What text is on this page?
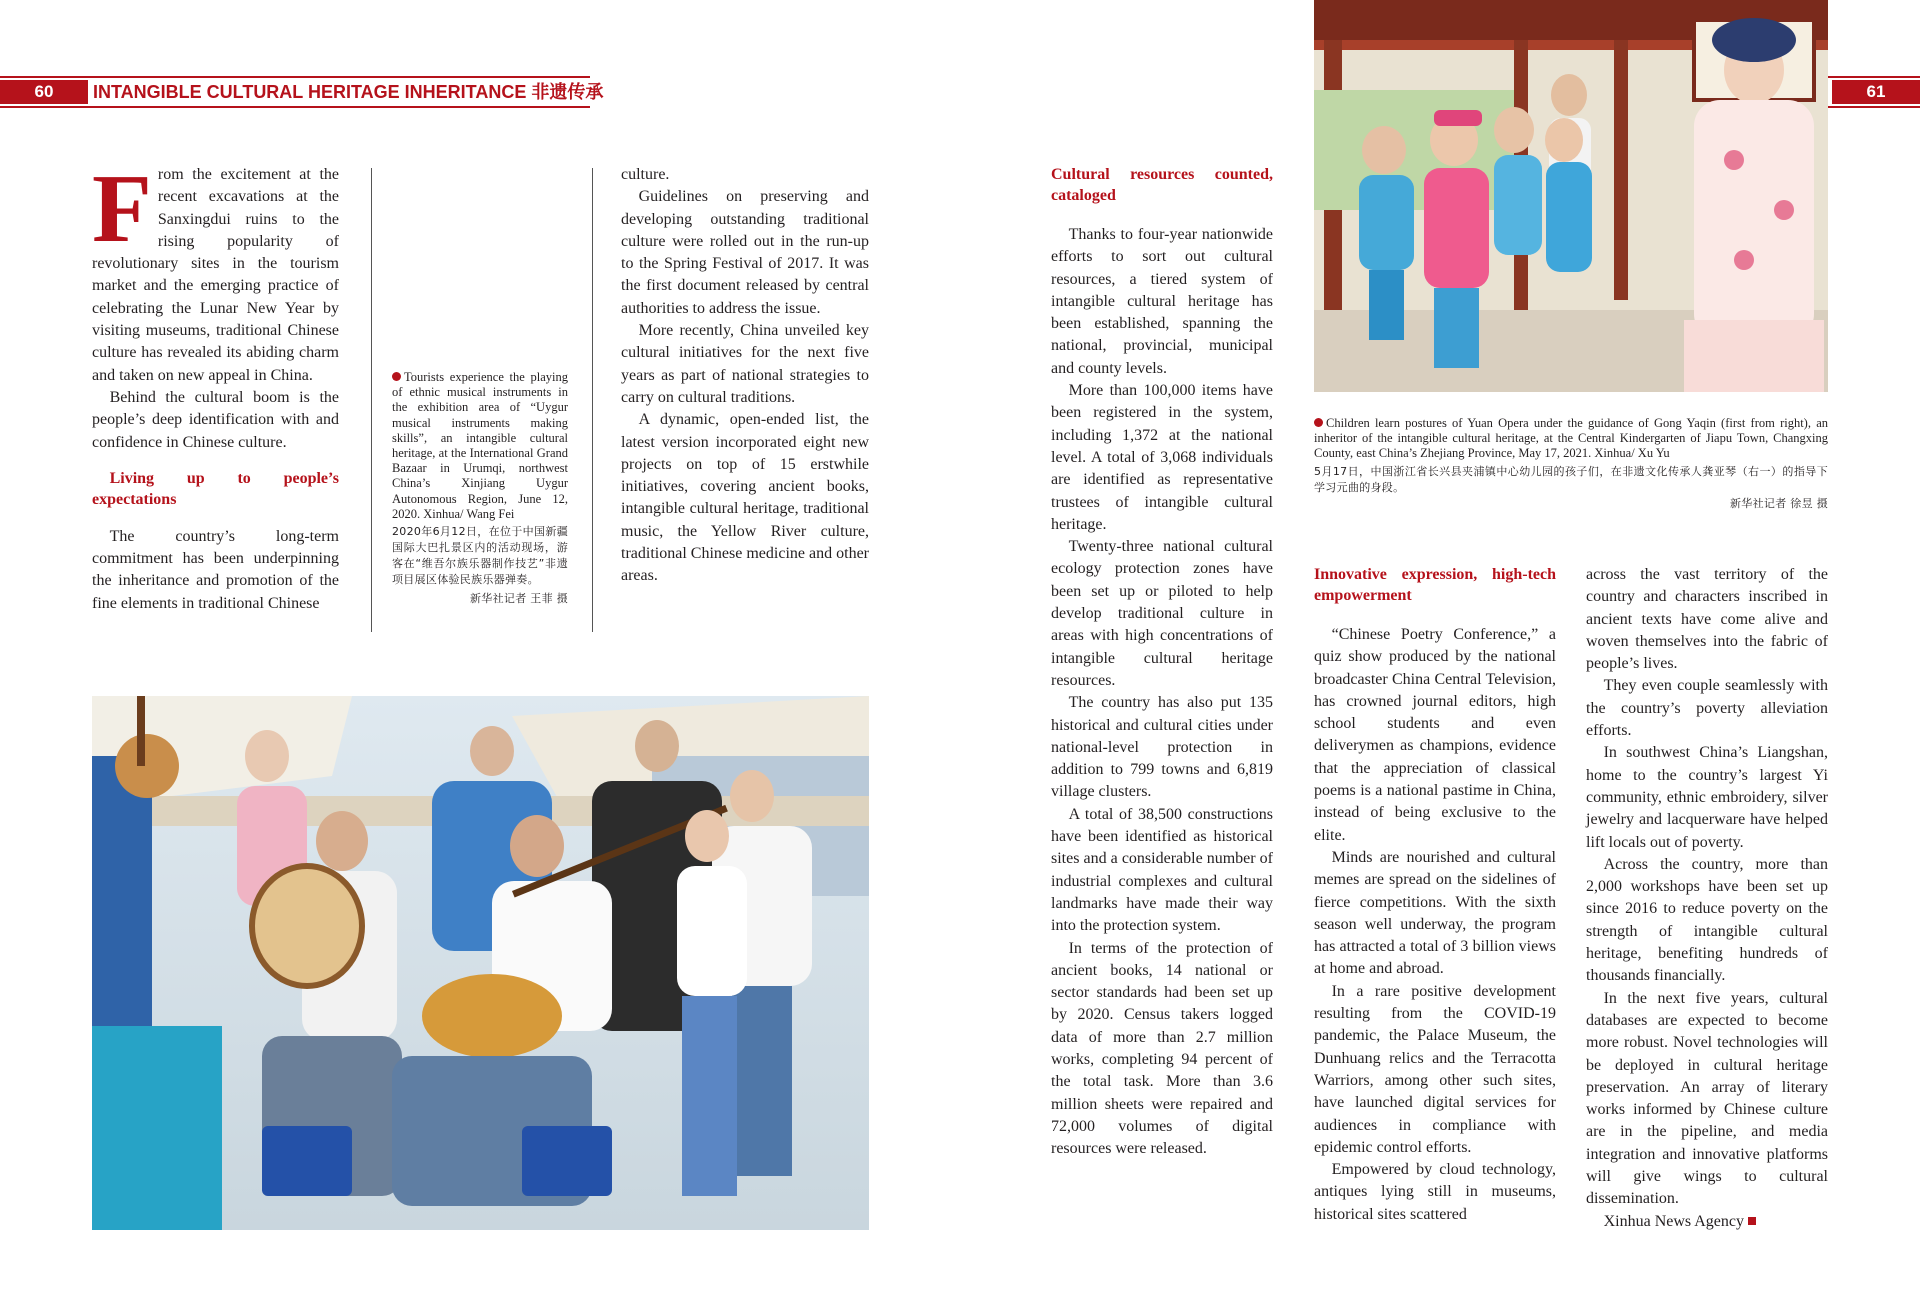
60	INTANGIBLE CULTURAL HERITAGE INHERITANCE 非遗传承

From the excitement at the recent excavations at the Sanxingdui ruins to the rising popularity of revolutionary sites in the tourism market and the emerging practice of celebrating the Lunar New Year by visiting museums, traditional Chinese culture has revealed its abiding charm and taken on new appeal in China.

Behind the cultural boom is the people’s deep identification with and confidence in Chinese culture.

Living up to people’s expectations

The country’s long-term commitment has been underpinning the inheritance and promotion of the fine elements in traditional Chinese

Tourists experience the playing of ethnic musical instruments in the exhibition area of “Uygur musical instruments making skills”, an intangible cultural heritage, at the International Grand Bazaar in Urumqi, northwest China’s Xinjiang Uygur Autonomous Region, June 12, 2020. Xinhua/ Wang Fei
2020年6月12日，在位于中国新疆国际大巴扎景区内的活动现场，游客在“维吾尔族乐器制作技艺”非遗项目展区体验民族乐器弹奏。
新华社记者 王菲 摄

culture.

Guidelines on preserving and developing outstanding traditional culture were rolled out in the run-up to the Spring Festival of 2017. It was the first document released by central authorities to address the issue.

More recently, China unveiled key cultural initiatives for the next five years as part of national strategies to carry on cultural traditions.

A dynamic, open-ended list, the latest version incorporated eight new projects on top of 15 erstwhile initiatives, covering ancient books, intangible cultural heritage, traditional music, the Yellow River culture, traditional Chinese medicine and other areas.

61
Children learn postures of Yuan Opera under the guidance of Gong Yaqin (first from right), an inheritor of the intangible cultural heritage, at the Central Kindergarten of Jiapu Town, Changxing County, east China’s Zhejiang Province, May 17, 2021. Xinhua/ Xu Yu
5月17日，中国浙江省长兴县夹浦镇中心幼儿园的孩子们，在非遗文化传承人龚亚琴（右一）的指导下学习元曲的身段。
新华社记者 徐昱 摄

Cultural resources counted, cataloged

Thanks to four-year nationwide efforts to sort out cultural resources, a tiered system of intangible cultural heritage has been established, spanning the national, provincial, municipal and county levels.

More than 100,000 items have been registered in the system, including 1,372 at the national level. A total of 3,068 individuals are identified as representative trustees of intangible cultural heritage.

Twenty-three national cultural ecology protection zones have been set up or piloted to help develop traditional culture in areas with high concentrations of intangible cultural heritage resources.

The country has also put 135 historical and cultural cities under national-level protection in addition to 799 towns and 6,819 village clusters.

A total of 38,500 constructions have been identified as historical sites and a considerable number of industrial complexes and cultural landmarks have made their way into the protection system.

In terms of the protection of ancient books, 14 national or sector standards had been set up by 2020. Census takers logged data of more than 2.7 million works, completing 94 percent of the total task. More than 3.6 million sheets were repaired and 72,000 volumes of digital resources were released.

Innovative expression, high-tech empowerment

“Chinese Poetry Conference,” a quiz show produced by the national broadcaster China Central Television, has crowned journal editors, high school students and even deliverymen as champions, evidence that the appreciation of classical poems is a national pastime in China, instead of being exclusive to the elite.

Minds are nourished and cultural memes are spread on the sidelines of fierce competitions. With the sixth season well underway, the program has attracted a total of 3 billion views at home and abroad.

In a rare positive development resulting from the COVID-19 pandemic, the Palace Museum, the Dunhuang relics and the Terracotta Warriors, among other such sites, have launched digital services for audiences in compliance with epidemic control efforts.

Empowered by cloud technology, antiques lying still in museums, historical sites scattered

across the vast territory of the country and characters inscribed in ancient texts have come alive and woven themselves into the fabric of people’s lives.

They even couple seamlessly with the country’s poverty alleviation efforts.

In southwest China’s Liangshan, home to the country’s largest Yi community, ethnic embroidery, silver jewelry and lacquerware have helped lift locals out of poverty.

Across the country, more than 2,000 workshops have been set up since 2016 to reduce poverty on the strength of intangible cultural heritage, benefiting hundreds of thousands financially.

In the next five years, cultural databases are expected to become more robust. Novel technologies will be deployed in cultural heritage preservation. An array of literary works informed by Chinese culture are in the pipeline, and media integration and innovative platforms will give wings to cultural dissemination.

Xinhua News Agency
